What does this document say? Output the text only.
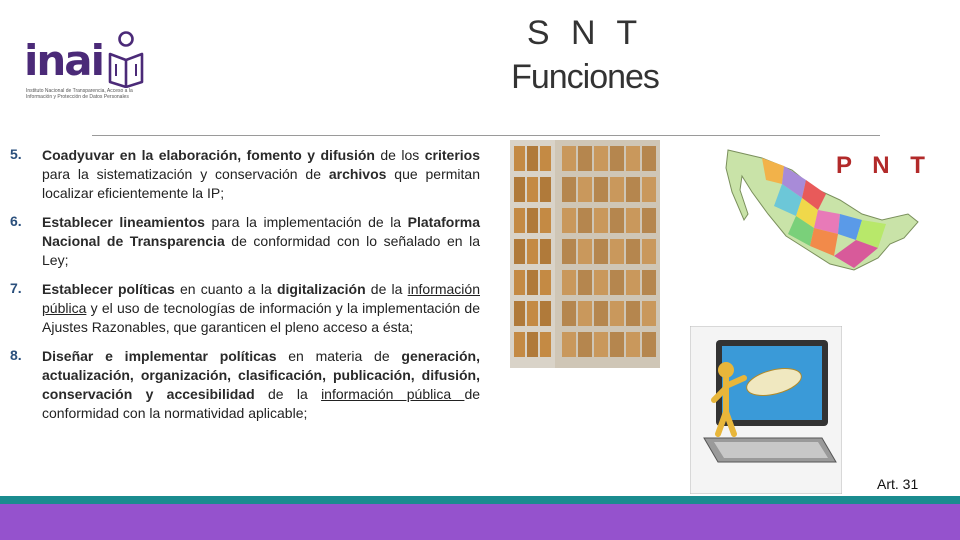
inai
Instituto Nacional de Transparencia, Acceso a la Información y Protección de Datos Personales
S N T
Funciones
5.	Coadyuvar en la elaboración, fomento y difusión de los criterios para la sistematización y conservación de archivos que permitan localizar eficientemente la IP;
6.	Establecer lineamientos para la implementación de la Plataforma Nacional de Transparencia de conformidad con lo señalado en la Ley;
7.	Establecer políticas en cuanto a la digitalización de la información pública y el uso de tecnologías de información y la implementación de Ajustes Razonables, que garanticen el pleno acceso a ésta;
8.	Diseñar e implementar políticas en materia de generación, actualización, organización, clasificación, publicación, difusión, conservación y accesibilidad de la información pública de conformidad con la normatividad aplicable;
P N T
Art. 31
